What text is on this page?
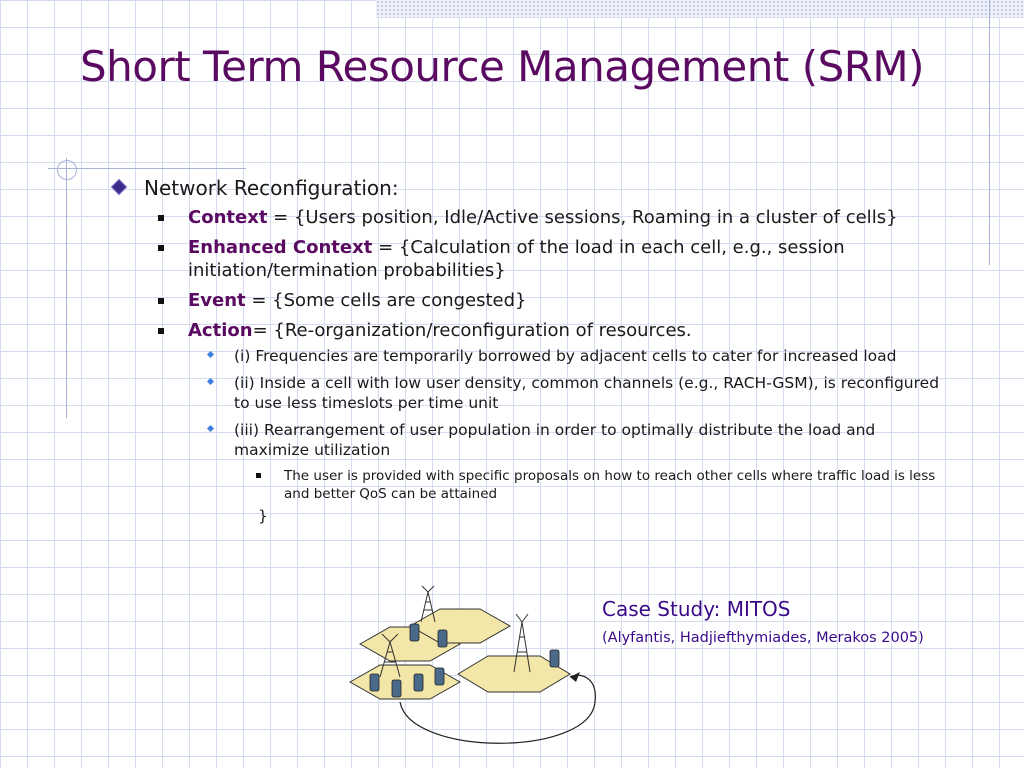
Short Term Resource Management (SRM)
Network Reconfiguration:
Context = {Users position, Idle/Active sessions, Roaming in a cluster of cells}
Enhanced Context = {Calculation of the load in each cell, e.g., session initiation/termination probabilities}
Event = {Some cells are congested}
Action= {Re-organization/reconfiguration of resources.
(i) Frequencies are temporarily borrowed by adjacent cells to cater for increased load
(ii) Inside a cell with low user density, common channels (e.g., RACH-GSM), is reconfigured to use less timeslots per time unit
(iii) Rearrangement of user population in order to optimally distribute the load and maximize utilization
The user is provided with specific proposals on how to reach other cells where traffic load is less and better QoS can be attained
}
Case Study: MITOS
(Alyfantis, Hadjiefthymiades, Merakos 2005)
